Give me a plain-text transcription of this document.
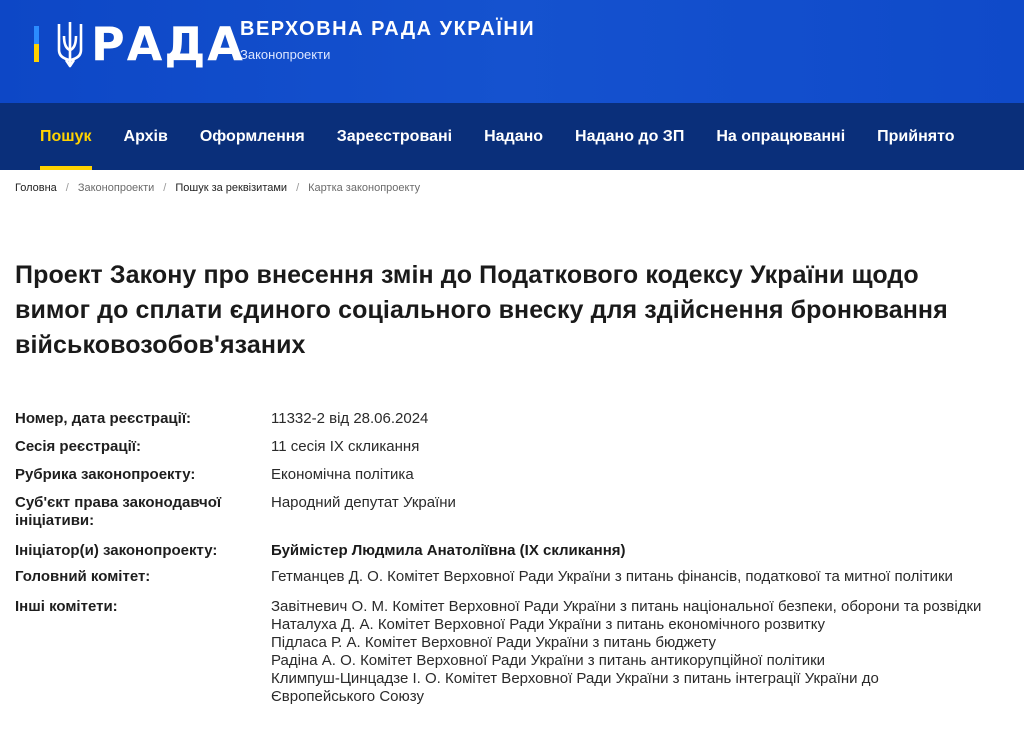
РАДА
ВЕРХОВНА РАДА УКРАЇНИ
Законопроекти
Пошук	Архів	Оформлення	Зареєстровані	Надано	Надано до ЗП	На опрацюванні	Прийнято
Головна / Законопроекти / Пошук за реквізитами / Картка законопроекту
Проект Закону про внесення змін до Податкового кодексу України щодо вимог до сплати єдиного соціального внеску для здійснення бронювання військовозобов'язаних
Номер, дата реєстрації:	11332-2 від 28.06.2024
Сесія реєстрації:	11 сесія IX скликання
Рубрика законопроекту:	Економічна політика
Суб'єкт права законодавчої ініціативи:
Народний депутат України
Ініціатор(и) законопроекту:	Буймістер Людмила Анатоліївна (IX скликання)
Головний комітет:	Гетманцев Д. О. Комітет Верховної Ради України з питань фінансів, податкової та митної політики
Інші комітети:	Завітневич О. М. Комітет Верховної Ради України з питань національної безпеки, оборони та розвідки
Наталуха Д. А. Комітет Верховної Ради України з питань економічного розвитку
Підласа Р. А. Комітет Верховної Ради України з питань бюджету
Радіна А. О. Комітет Верховної Ради України з питань антикорупційної політики
Климпуш-Цинцадзе І. О. Комітет Верховної Ради України з питань інтеграції України до Європейського Союзу
